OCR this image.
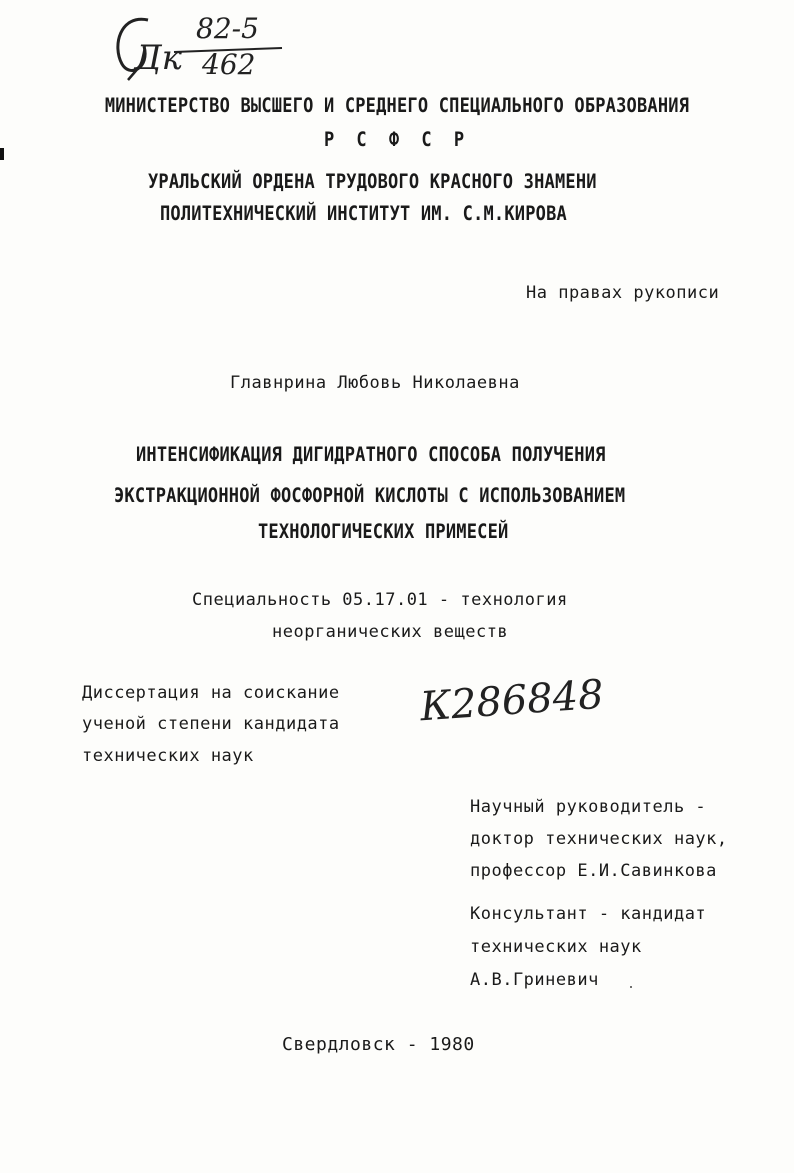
Дк
82-5
462
МИНИСТЕРСТВО ВЫСШЕГО И СРЕДНЕГО СПЕЦИАЛЬНОГО ОБРАЗОВАНИЯ
Р С Ф С Р
УРАЛЬСКИЙ ОРДЕНА ТРУДОВОГО КРАСНОГО ЗНАМЕНИ
ПОЛИТЕХНИЧЕСКИЙ ИНСТИТУТ ИМ. С.М.КИРОВА
На правах рукописи
Главнрина Любовь Николаевна
ИНТЕНСИФИКАЦИЯ ДИГИДРАТНОГО СПОСОБА ПОЛУЧЕНИЯ
ЭКСТРАКЦИОННОЙ ФОСФОРНОЙ КИСЛОТЫ С ИСПОЛЬЗОВАНИЕМ
ТЕХНОЛОГИЧЕСКИХ ПРИМЕСЕЙ
Специальность 05.17.01 - технология
неорганических веществ
Диссертация на соискание
ученой степени кандидата
технических наук
К286848
Научный руководитель -
доктор технических наук,
профессор Е.И.Савинкова
Консультант - кандидат
технических наук
А.В.Гриневич
Свердловск - 1980
